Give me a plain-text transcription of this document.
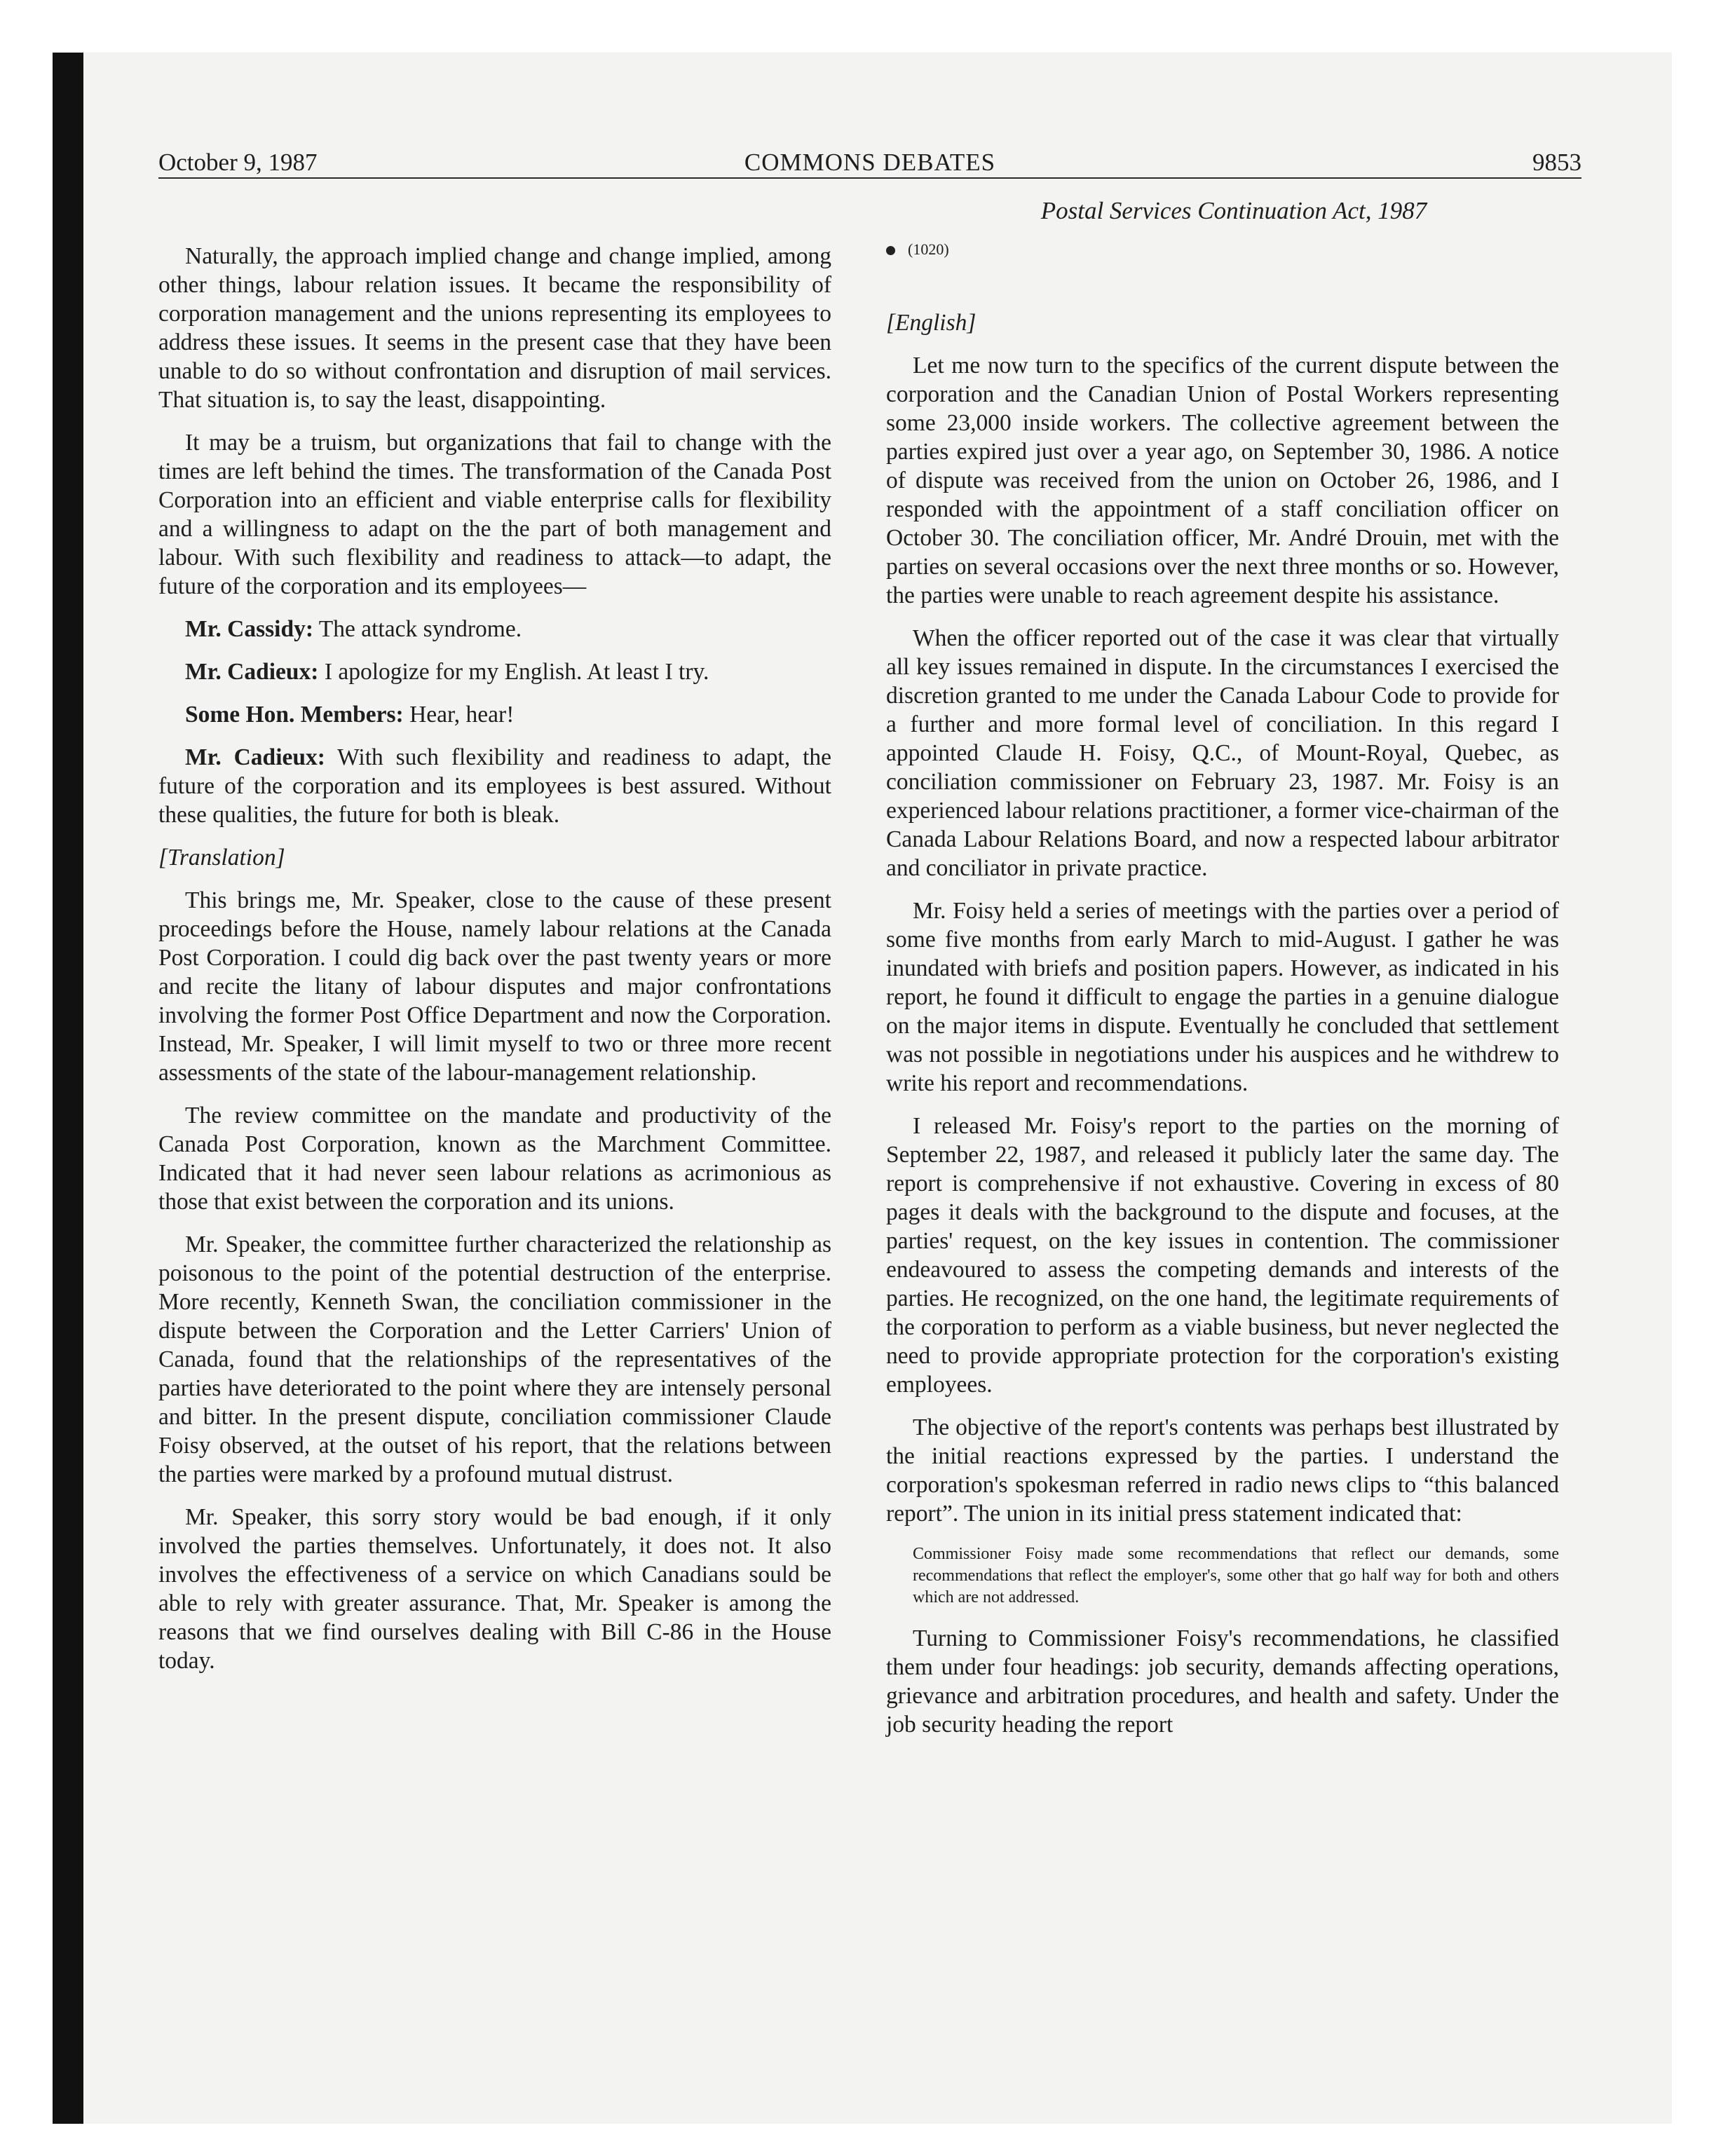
October 9, 1987	COMMONS DEBATES	9853
Postal Services Continuation Act, 1987
(1020)

Naturally, the approach implied change and change implied, among other things, labour relation issues. It became the responsibility of corporation management and the unions representing its employees to address these issues. It seems in the present case that they have been unable to do so without confrontation and disruption of mail services. That situation is, to say the least, disappointing.

It may be a truism, but organizations that fail to change with the times are left behind the times. The transformation of the Canada Post Corporation into an efficient and viable enterprise calls for flexibility and a willingness to adapt on the the part of both management and labour. With such flexibility and readiness to attack—to adapt, the future of the corporation and its employees—

Mr. Cassidy: The attack syndrome.

Mr. Cadieux: I apologize for my English. At least I try.

Some Hon. Members: Hear, hear!

Mr. Cadieux: With such flexibility and readiness to adapt, the future of the corporation and its employees is best assured. Without these qualities, the future for both is bleak.

[Translation]

This brings me, Mr. Speaker, close to the cause of these present proceedings before the House, namely labour relations at the Canada Post Corporation. I could dig back over the past twenty years or more and recite the litany of labour disputes and major confrontations involving the former Post Office Department and now the Corporation. Instead, Mr. Speaker, I will limit myself to two or three more recent assessments of the state of the labour-management relationship.

The review committee on the mandate and productivity of the Canada Post Corporation, known as the Marchment Committee. Indicated that it had never seen labour relations as acrimonious as those that exist between the corporation and its unions.

Mr. Speaker, the committee further characterized the relationship as poisonous to the point of the potential destruction of the enterprise. More recently, Kenneth Swan, the conciliation commissioner in the dispute between the Corporation and the Letter Carriers' Union of Canada, found that the relationships of the representatives of the parties have deteriorated to the point where they are intensely personal and bitter. In the present dispute, conciliation commissioner Claude Foisy observed, at the outset of his report, that the relations between the parties were marked by a profound mutual distrust.

Mr. Speaker, this sorry story would be bad enough, if it only involved the parties themselves. Unfortunately, it does not. It also involves the effectiveness of a service on which Canadians sould be able to rely with greater assurance. That, Mr. Speaker is among the reasons that we find ourselves dealing with Bill C-86 in the House today.

[English]

Let me now turn to the specifics of the current dispute between the corporation and the Canadian Union of Postal Workers representing some 23,000 inside workers. The collective agreement between the parties expired just over a year ago, on September 30, 1986. A notice of dispute was received from the union on October 26, 1986, and I responded with the appointment of a staff conciliation officer on October 30. The conciliation officer, Mr. André Drouin, met with the parties on several occasions over the next three months or so. However, the parties were unable to reach agreement despite his assistance.

When the officer reported out of the case it was clear that virtually all key issues remained in dispute. In the circumstances I exercised the discretion granted to me under the Canada Labour Code to provide for a further and more formal level of conciliation. In this regard I appointed Claude H. Foisy, Q.C., of Mount-Royal, Quebec, as conciliation commissioner on February 23, 1987. Mr. Foisy is an experienced labour relations practitioner, a former vice-chairman of the Canada Labour Relations Board, and now a respected labour arbitrator and conciliator in private practice.

Mr. Foisy held a series of meetings with the parties over a period of some five months from early March to mid-August. I gather he was inundated with briefs and position papers. However, as indicated in his report, he found it difficult to engage the parties in a genuine dialogue on the major items in dispute. Eventually he concluded that settlement was not possible in negotiations under his auspices and he withdrew to write his report and recommendations.

I released Mr. Foisy's report to the parties on the morning of September 22, 1987, and released it publicly later the same day. The report is comprehensive if not exhaustive. Covering in excess of 80 pages it deals with the background to the dispute and focuses, at the parties' request, on the key issues in contention. The commissioner endeavoured to assess the competing demands and interests of the parties. He recognized, on the one hand, the legitimate requirements of the corporation to perform as a viable business, but never neglected the need to provide appropriate protection for the corporation's existing employees.

The objective of the report's contents was perhaps best illustrated by the initial reactions expressed by the parties. I understand the corporation's spokesman referred in radio news clips to “this balanced report”. The union in its initial press statement indicated that:

Commissioner Foisy made some recommendations that reflect our demands, some recommendations that reflect the employer's, some other that go half way for both and others which are not addressed.

Turning to Commissioner Foisy's recommendations, he classified them under four headings: job security, demands affecting operations, grievance and arbitration procedures, and health and safety. Under the job security heading the report
